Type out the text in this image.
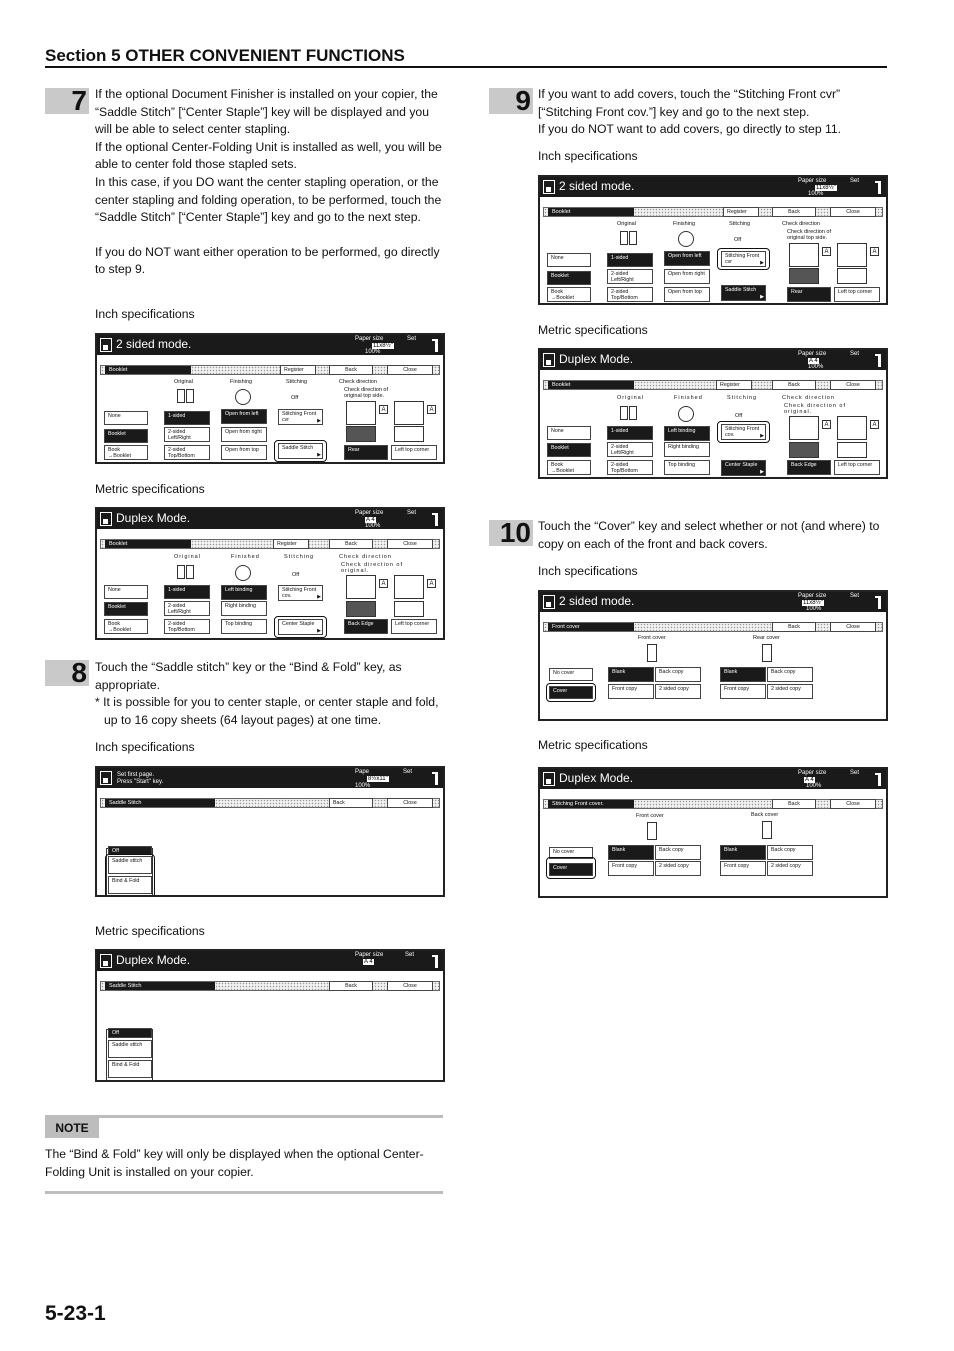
Section 5 OTHER CONVENIENT FUNCTIONS
7 If the optional Document Finisher is installed on your copier, the “Saddle Stitch” [“Center Staple”] key will be displayed and you will be able to select center stapling.

If the optional Center-Folding Unit is installed as well, you will be able to center fold those stapled sets.

In this case, if you DO want the center stapling operation, or the center stapling and folding operation, to be performed, touch the “Saddle Stitch” [“Center Staple”] key and go to the next step.

If you do NOT want either operation to be performed, go directly to step 9.

Inch specifications
2 sided mode.	Paper size
11x8½"
100%
Set
Booklet	Register	Back	Close
Original	Finishing	Stitching	Check direction
Check direction of original top side.
Off
None
Booklet
Book →Booklet
1-sided
2-sided Left/Right
2-sided Top/Bottom
Open from left
Open from right
Open from top
Stitching Front cvr ▶
Saddle Stitch ▶
A	A
Rear	Left top corner
Metric specifications
Duplex Mode.	Paper size
A 4
100%
Set
Booklet	Register	Back	Close
Original	Finished	Stitching	Check direction
Check direction of original.
Off
None
Booklet
Book →Booklet
1-sided
2-sided Left/Right
2-sided Top/Bottom
Left binding
Right binding
Top binding
Stitching Front cov. ▶
Center Staple ▶
A	A
Back Edge	Left top corner
8 Touch the “Saddle stitch” key or the “Bind & Fold” key, as appropriate.

* It is possible for you to center staple, or center staple and fold, up to 16 copy sheets (64 layout pages) at one time.

Inch specifications
Set first page.
Press "Start" key.
Pape
8½x11"
100%
Set
Saddle Stitch	Back	Close
Off
Saddle stitch
Bind & Fold
Metric specifications
Duplex Mode.	Paper size
A 4
Set
Saddle Stitch	Back	Close
Off
Saddle stitch
Bind & Fold
NOTE
The “Bind & Fold” key will only be displayed when the optional Center-Folding Unit is installed on your copier.
9 If you want to add covers, touch the “Stitching Front cvr” [“Stitching Front cov.”] key and go to the next step.

If you do NOT want to add covers, go directly to step 11.

Inch specifications
2 sided mode.	Paper size
11x8½"
100%
Set
Booklet	Register	Back	Close
Original	Finishing	Stitching	Check direction
Check direction of original top side.
Off
None
Booklet
Book →Booklet
1-sided
2-sided Left/Right
2-sided Top/Bottom
Open from left
Open from right
Open from top
Stitching Front cvr ▶
Saddle Stitch ▶
A	A
Rear	Left top corner
Metric specifications
Duplex Mode.	Paper size
A 4
100%
Set
Booklet	Register	Back	Close
Original	Finished	Stitching	Check direction
Check direction of original.
Off
None
Booklet
Book →Booklet
1-sided
2-sided Left/Right
2-sided Top/Bottom
Left binding
Right binding
Top binding
Stitching Front cov. ▶
Center Staple ▶
A	A
Back Edge	Left top corner
10 Touch the “Cover” key and select whether or not (and where) to copy on each of the front and back covers.
Inch specifications
2 sided mode.	Paper size
11x8½"
100%
Set
Front cover	Back	Close
Front cover	Rear cover
No cover
Cover
Blank	Back copy
Front copy	2 sided copy
Blank	Back copy
Front copy	2 sided copy
Metric specifications
Duplex Mode.	Paper size
A 4
100%
Set
Stitching Front cover.	Back	Close
Front cover	Back cover
No cover
Cover
Blank	Back copy
Front copy	2 sided copy
Blank	Back copy
Front copy	2 sided copy
5-23-1
